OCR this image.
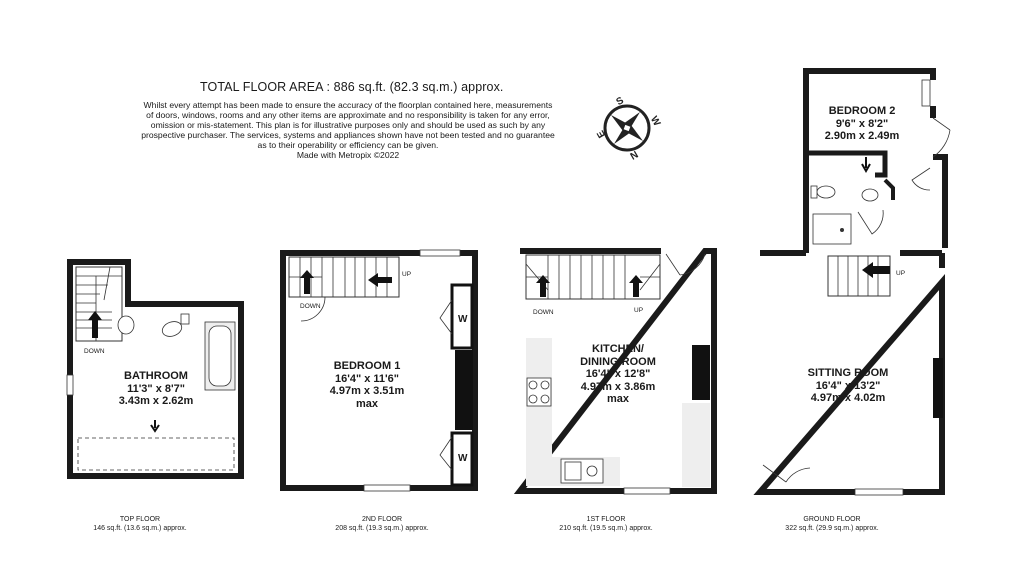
TOTAL FLOOR AREA : 886 sq.ft. (82.3 sq.m.) approx.
Whilst every attempt has been made to ensure the accuracy of the floorplan contained here, measurements
of doors, windows, rooms and any other items are approximate and no responsibility is taken for any error,
omission or mis-statement. This plan is for illustrative purposes only and should be used as such by any
prospective purchaser. The services, systems and appliances shown have not been tested and no guarantee
as to their operability or efficiency can be given.
Made with Metropix ©2022
S
W
N
E
BATHROOM
11'3" x 8'7"
3.43m x 2.62m
BEDROOM 1
16'4" x 11'6"
4.97m x 3.51m
max
KITCHEN/
DINING ROOM
16'4" x 12'8"
4.97m x 3.86m
max
SITTING ROOM
16'4" x 13'2"
4.97m x 4.02m
BEDROOM 2
9'6" x 8'2"
2.90m x 2.49m
DOWN
DOWN
UP
DOWN	UP
UP
W
W
TOP FLOOR
146 sq.ft. (13.6 sq.m.) approx.
2ND FLOOR
208 sq.ft. (19.3 sq.m.) approx.
1ST FLOOR
210 sq.ft. (19.5 sq.m.) approx.
GROUND FLOOR
322 sq.ft. (29.9 sq.m.) approx.
